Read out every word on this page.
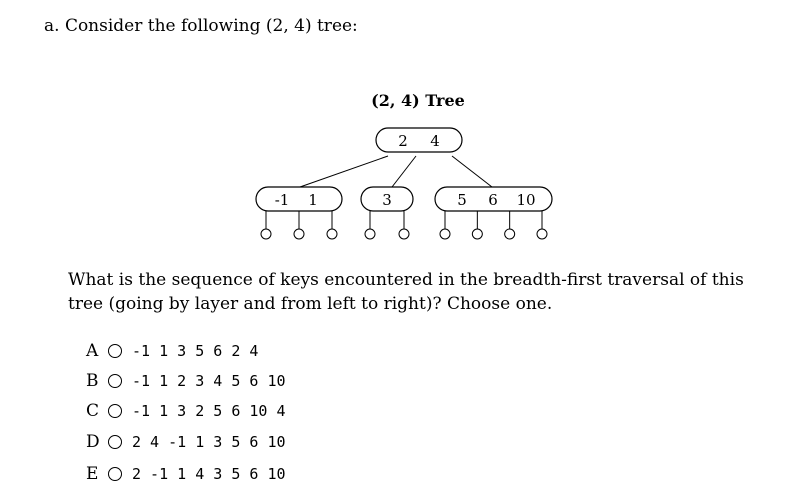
a. Consider the following (2, 4) tree:
(2, 4) Tree
2 4
-1 1	3	5 6 10
What is the sequence of keys encountered in the breadth-first traversal of this tree (going by layer and from left to right)? Choose one.
A	-1 1 3 5 6 2 4
B	-1 1 2 3 4 5 6 10
C	-1 1 3 2 5 6 10 4
D	2 4 -1 1 3 5 6 10
E	2 -1 1 4 3 5 6 10
